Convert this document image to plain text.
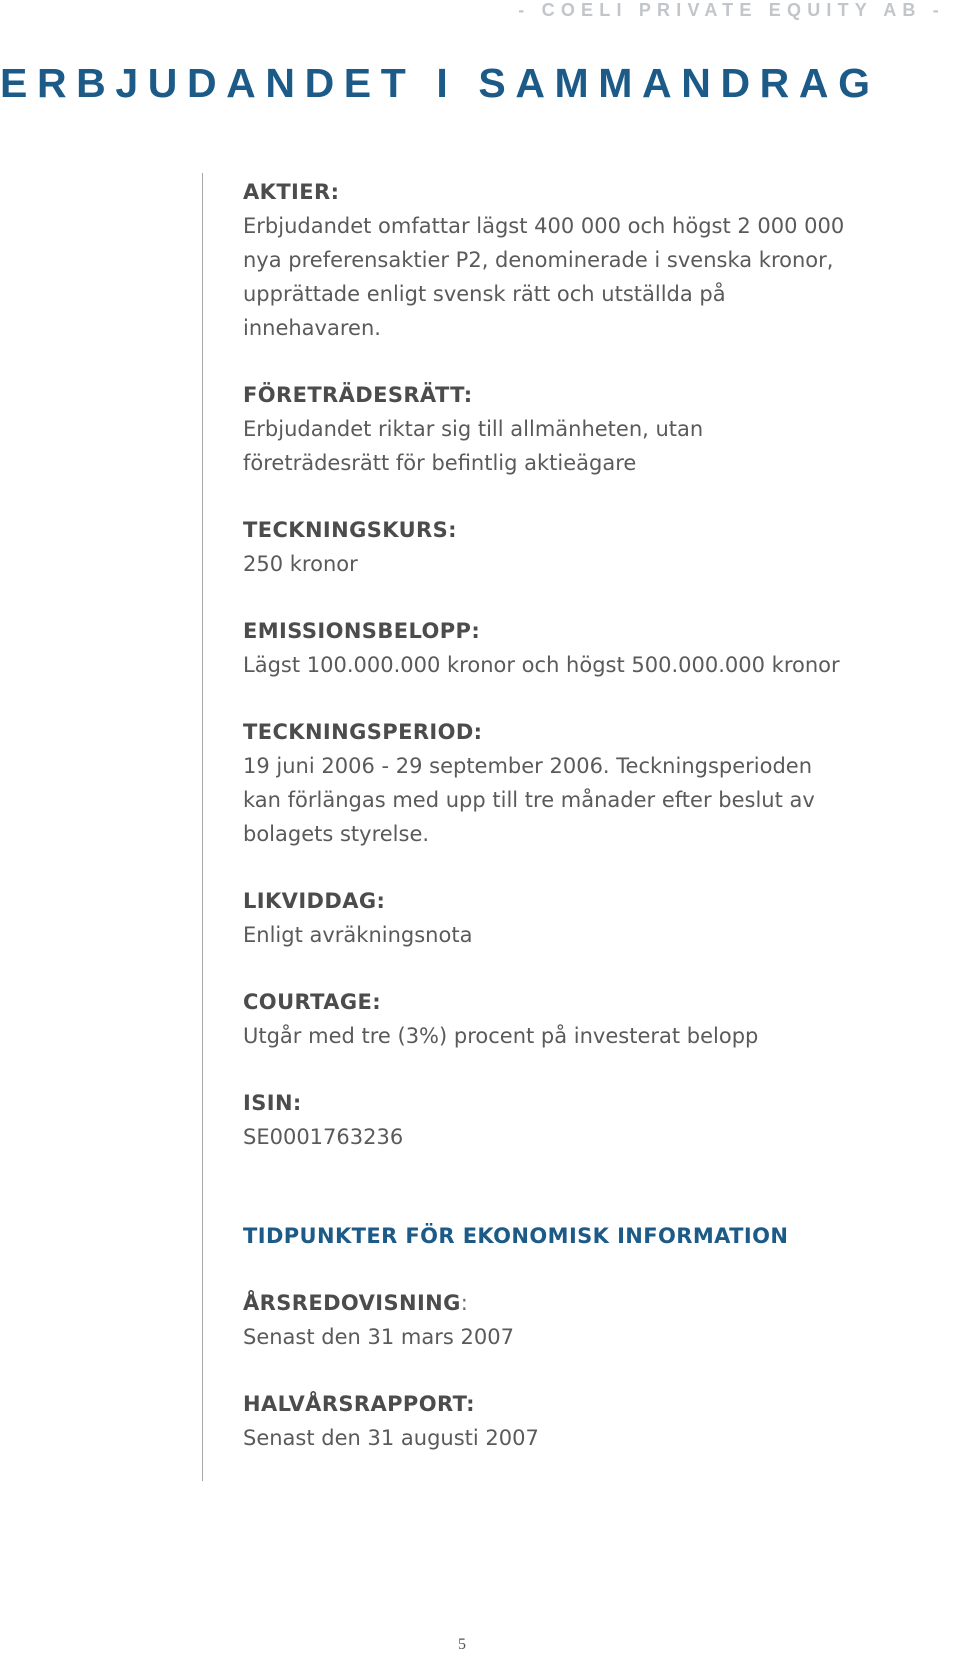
- COELI PRIVATE EQUITY AB -
ERBJUDANDET I SAMMANDRAG
AKTIER:
Erbjudandet omfattar lägst 400 000 och högst 2 000 000 nya preferensaktier P2, denominerade i svenska kronor, upprättade enligt svensk rätt och utställda på innehavaren.
FÖRETRÄDESRÄTT:
Erbjudandet riktar sig till allmänheten, utan företrädesrätt för befintlig aktieägare
TECKNINGSKURS:
250 kronor
EMISSIONSBELOPP:
Lägst 100.000.000 kronor och högst 500.000.000 kronor
TECKNINGSPERIOD:
19 juni 2006 - 29 september 2006. Teckningsperioden kan förlängas med upp till tre månader efter beslut av bolagets styrelse.
LIKVIDDAG:
Enligt avräkningsnota
COURTAGE:
Utgår med tre (3%) procent på investerat belopp
ISIN:
SE0001763236
TIDPUNKTER FÖR EKONOMISK INFORMATION
ÅRSREDOVISNING:
Senast den 31 mars 2007
HALVÅRSRAPPORT:
Senast den 31 augusti 2007
5
